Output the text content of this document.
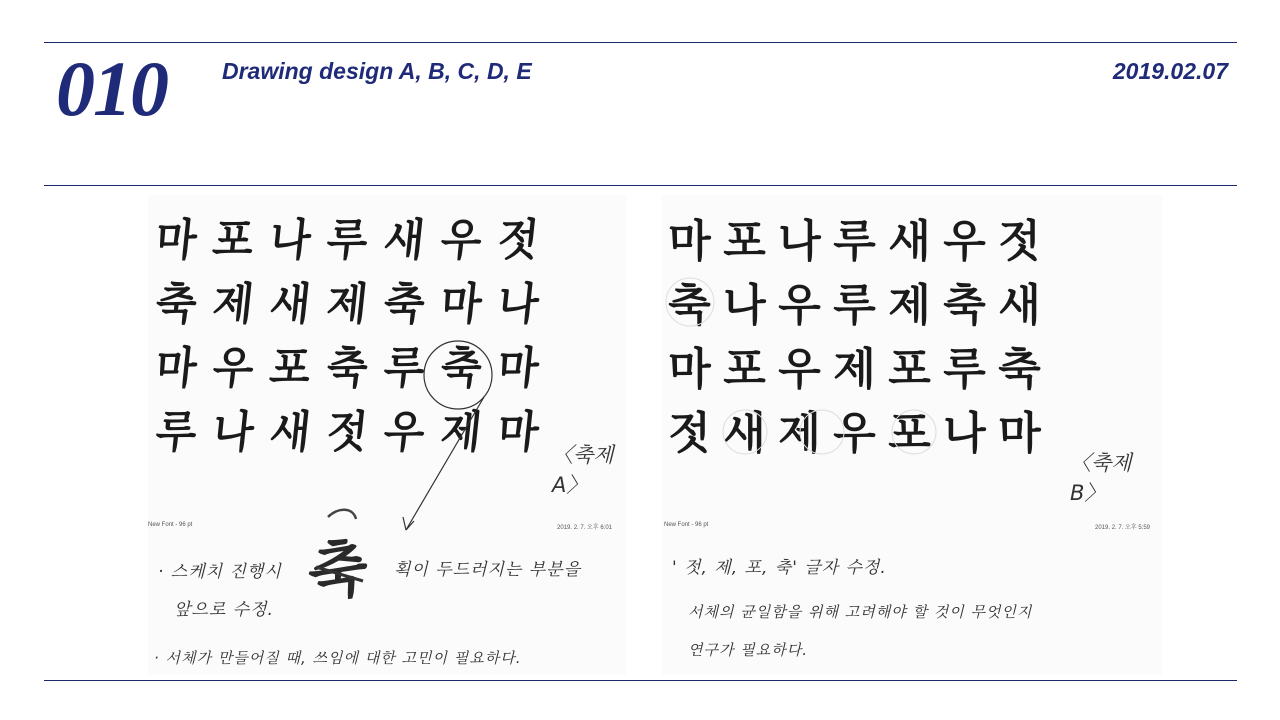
010 Drawing design A, B, C, D, E	2019.02.07
마 포 나 루 새 우 젓
축 제 새 제 축 마 나
마 우 포 축 루 축 마
루 나 새 젓 우 제 마 〈축제 A〉
New Font - 96 pt	2019. 2. 7. 오후 6:01
축
· 스케치 진행시	획이 두드러지는 부분을
앞으로 수정.
· 서체가 만들어질 때, 쓰임에 대한 고민이 필요하다.
마 포 나 루 새 우 젓
축 나 우 루 제 축 새
마 포 우 제 포 루 축
젓 새 제 우 포 나 마
〈축제 B〉
New Font - 96 pt	2019. 2. 7. 오후 5:59
' 젓, 제, 포, 축' 글자 수정.
서체의 균일함을 위해 고려해야 할 것이 무엇인지
연구가 필요하다.
